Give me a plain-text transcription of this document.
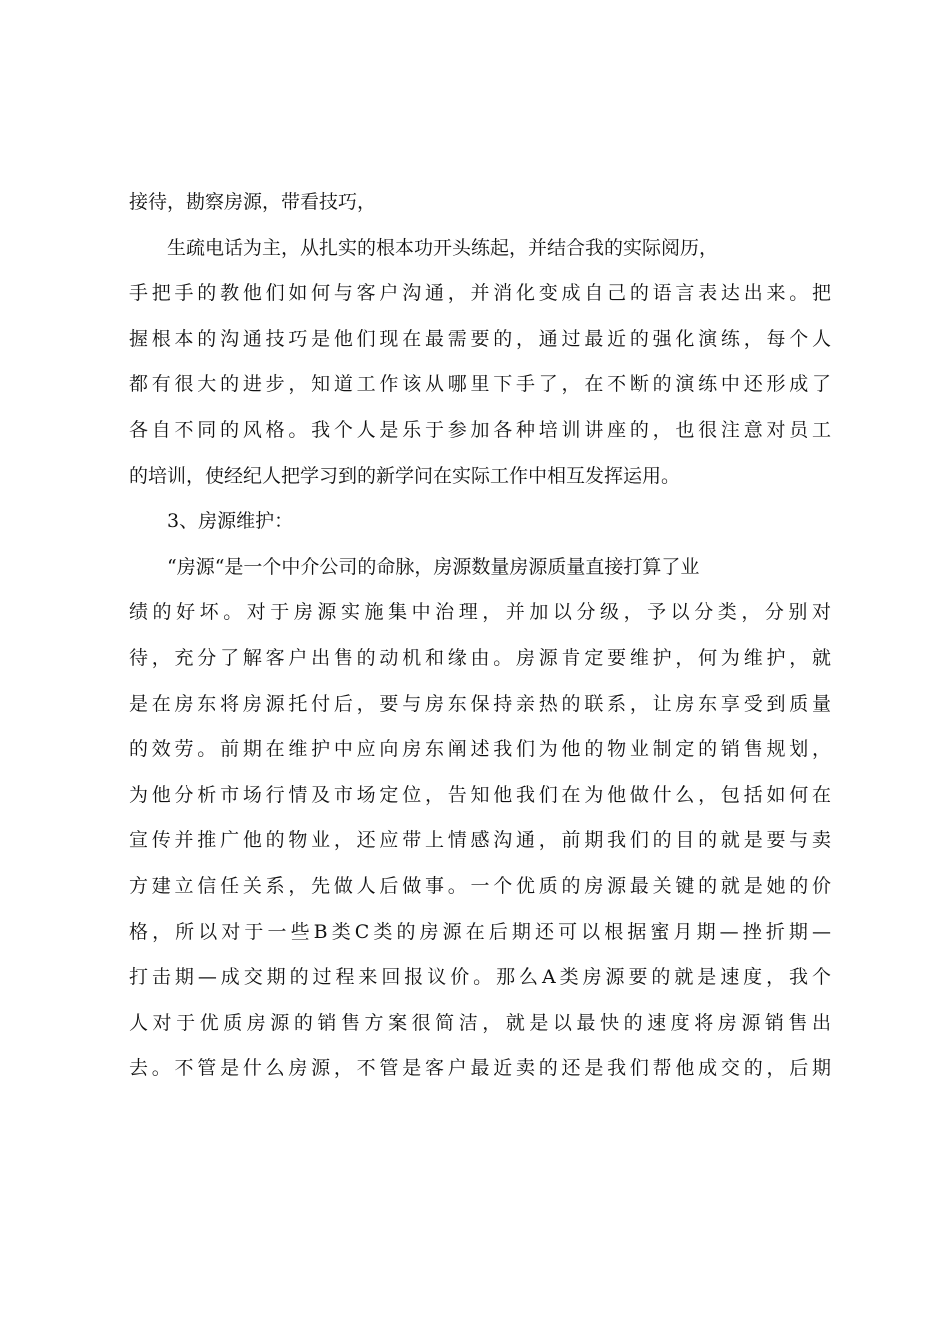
接待，勘察房源，带看技巧，
生疏电话为主，从扎实的根本功开头练起，并结合我的实际阅历，
手把手的教他们如何与客户沟通，并消化变成自己的语言表达出来。把
握根本的沟通技巧是他们现在最需要的，通过最近的强化演练，每个人
都有很大的进步，知道工作该从哪里下手了，在不断的演练中还形成了
各自不同的风格。我个人是乐于参加各种培训讲座的，也很注意对员工
的培训，使经纪人把学习到的新学问在实际工作中相互发挥运用。
3、房源维护：
“房源“是一个中介公司的命脉，房源数量房源质量直接打算了业
绩的好坏。对于房源实施集中治理，并加以分级，予以分类，分别对
待，充分了解客户出售的动机和缘由。房源肯定要维护，何为维护，就
是在房东将房源托付后，要与房东保持亲热的联系，让房东享受到质量
的效劳。前期在维护中应向房东阐述我们为他的物业制定的销售规划，
为他分析市场行情及市场定位，告知他我们在为他做什么，包括如何在
宣传并推广他的物业，还应带上情感沟通，前期我们的目的就是要与卖
方建立信任关系，先做人后做事。一个优质的房源最关键的就是她的价
格，所以对于一些B类C类的房源在后期还可以根据蜜月期—挫折期—
打击期—成交期的过程来回报议价。那么A类房源要的就是速度，我个
人对于优质房源的销售方案很简洁，就是以最快的速度将房源销售出
去。不管是什么房源，不管是客户最近卖的还是我们帮他成交的，后期
